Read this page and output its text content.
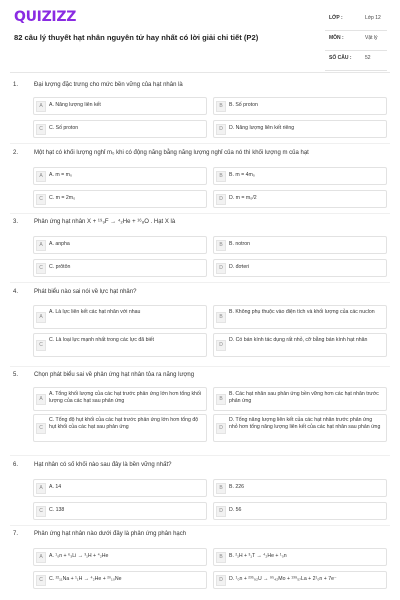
QUIZIZZ
82 câu lý thuyết hạt nhân nguyên tử hay nhất có lời giải chi tiết (P2)
LỚP :	Lớp 12
MÔN :	Vật lý
SỐ CÂU :	52
1.	Đại lượng đặc trưng cho mức bền vững của hạt nhân là
A	A. Năng lượng liên kết	B	B. Số proton
C	C. Số proton	D	D. Năng lượng liên kết riêng
2.	Một hạt có khối lượng nghỉ m₀ khi có động năng bằng năng lượng nghỉ của nó thì khối lượng m của hạt
A	A. m = m₀	B	B. m = 4m₀
C	C. m = 2m₀	D	D. m = m₀/2
3.	Phản ứng hạt nhân X + ¹⁹₉F → ⁴₂He + ¹⁶₈O . Hạt X là
A	A. anpha	B	B. notron
C	C. prôtôn	D	D. đơteri
4.	Phát biểu nào sai nói về lực hạt nhân?
A
A. Là lực liên kết các hạt nhân với nhau
B
B. Không phụ thuộc vào điện tích và khối lượng của các nuclon
C
C. Là loại lực mạnh nhất trong các lực đã biết
D
D. Có bán kính tác dụng rất nhỏ, cỡ bằng bán kính hạt nhân
5.	Chọn phát biểu sai về phản ứng hạt nhân tỏa ra năng lượng
A
A. Tổng khối lượng của các hạt trước phản ứng lớn hơn tổng khối lượng của các hạt sau phản ứng	B
B. Các hạt nhân sau phản ứng bền vững hơn các hạt nhân trước phản ứng
C
C. Tổng độ hụt khối của các hạt trước phản ứng lớn hơn tổng độ hụt khối của các hạt sau phản ứng	D
D. Tổng năng lượng liên kết của các hạt nhân trước phản ứng nhỏ hơn tổng năng lượng liên kết của các hạt nhân sau phản ứng
6.	Hạt nhân có số khối nào sau đây là bền vững nhất?
A	A. 14	B	B. 226
C	C. 138	D	D. 56
7.	Phản ứng hạt nhân nào dưới đây là phản ứng phân hạch
A	A. ¹₀n + ⁶₃Li → ³₁H + ⁴₂He	B	B. ²₁H + ³₁T → ⁴₂He + ¹₀n
C	C. ²²₁₁Na + ¹₁H → ⁴₂He + ²⁰₁₀Ne	D	D. ¹₀n + ²³⁵₉₂U → ⁹⁵₄₂Mo + ¹³⁹₅₇La + 2¹₀n + 7e⁻
